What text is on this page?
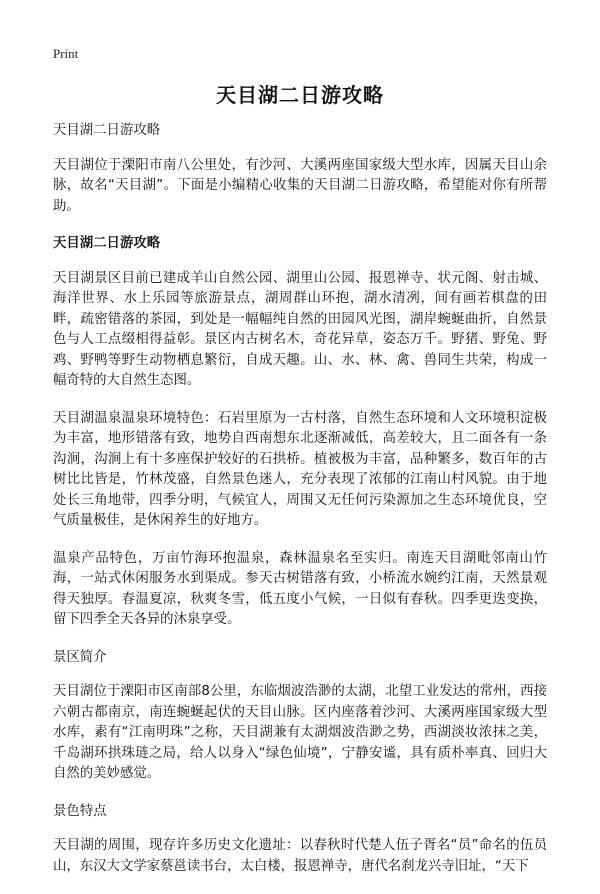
Print
天目湖二日游攻略

天目湖二日游攻略

天目湖位于溧阳市南八公里处，有沙河、大溪两座国家级大型水库，因属天目山余脉，故名“天目湖”。下面是小编精心收集的天目湖二日游攻略，希望能对你有所帮助。

天目湖二日游攻略

天目湖景区目前已建成羊山自然公园、湖里山公园、报恩禅寺、状元阁、射击城、海洋世界、水上乐园等旅游景点，湖周群山环抱，湖水清冽，间有画若棋盘的田畔，疏密错落的茶园，到处是一幅幅纯自然的田园风光图，湖岸蜿蜒曲折，自然景色与人工点缀相得益彰。景区内古树名木，奇花异草，姿态万千。野猪、野兔、野鸡、野鸭等野生动物栖息繁衍，自成天趣。山、水、林、禽、兽同生共荣，构成一幅奇特的大自然生态图。

天目湖温泉温泉环境特色：石岩里原为一古村落，自然生态环境和人文环境积淀极为丰富，地形错落有致，地势自西南想东北逐渐减低，高差较大，且二面各有一条沟涧，沟涧上有十多座保护较好的石拱桥。植被极为丰富，品种繁多，数百年的古树比比皆是，竹林茂盛，自然景色迷人，充分表现了浓郁的江南山村风貌。由于地处长三角地带，四季分明，气候宜人，周围又无任何污染源加之生态环境优良，空气质量极佳，是休闲养生的好地方。

温泉产品特色，万亩竹海环抱温泉，森林温泉名至实归。南连天目湖毗邻南山竹海，一站式休闲服务水到渠成。参天古树错落有致，小桥流水婉约江南，天然景观得天独厚。春温夏凉，秋爽冬雪，低五度小气候，一日似有春秋。四季更迭变换，留下四季全天各异的沐泉享受。

景区简介

天目湖位于溧阳市区南部8公里，东临烟波浩渺的太湖，北望工业发达的常州，西接六朝古都南京，南连蜿蜒起伏的天目山脉。区内座落着沙河、大溪两座国家级大型水库，素有“江南明珠”之称，天目湖兼有太湖烟波浩渺之势，西湖淡妆浓抹之美，千岛湖环拱珠琏之局，给人以身入“绿色仙境”，宁静安谧，具有质朴率真、回归大自然的美妙感觉。

景色特点

天目湖的周围，现存许多历史文化遗址：以春秋时代楚人伍子胥名“员”命名的伍员山，东汉大文学家蔡邕读书台，太白楼，报恩禅寺，唐代名刹龙兴寺旧址，“天下
